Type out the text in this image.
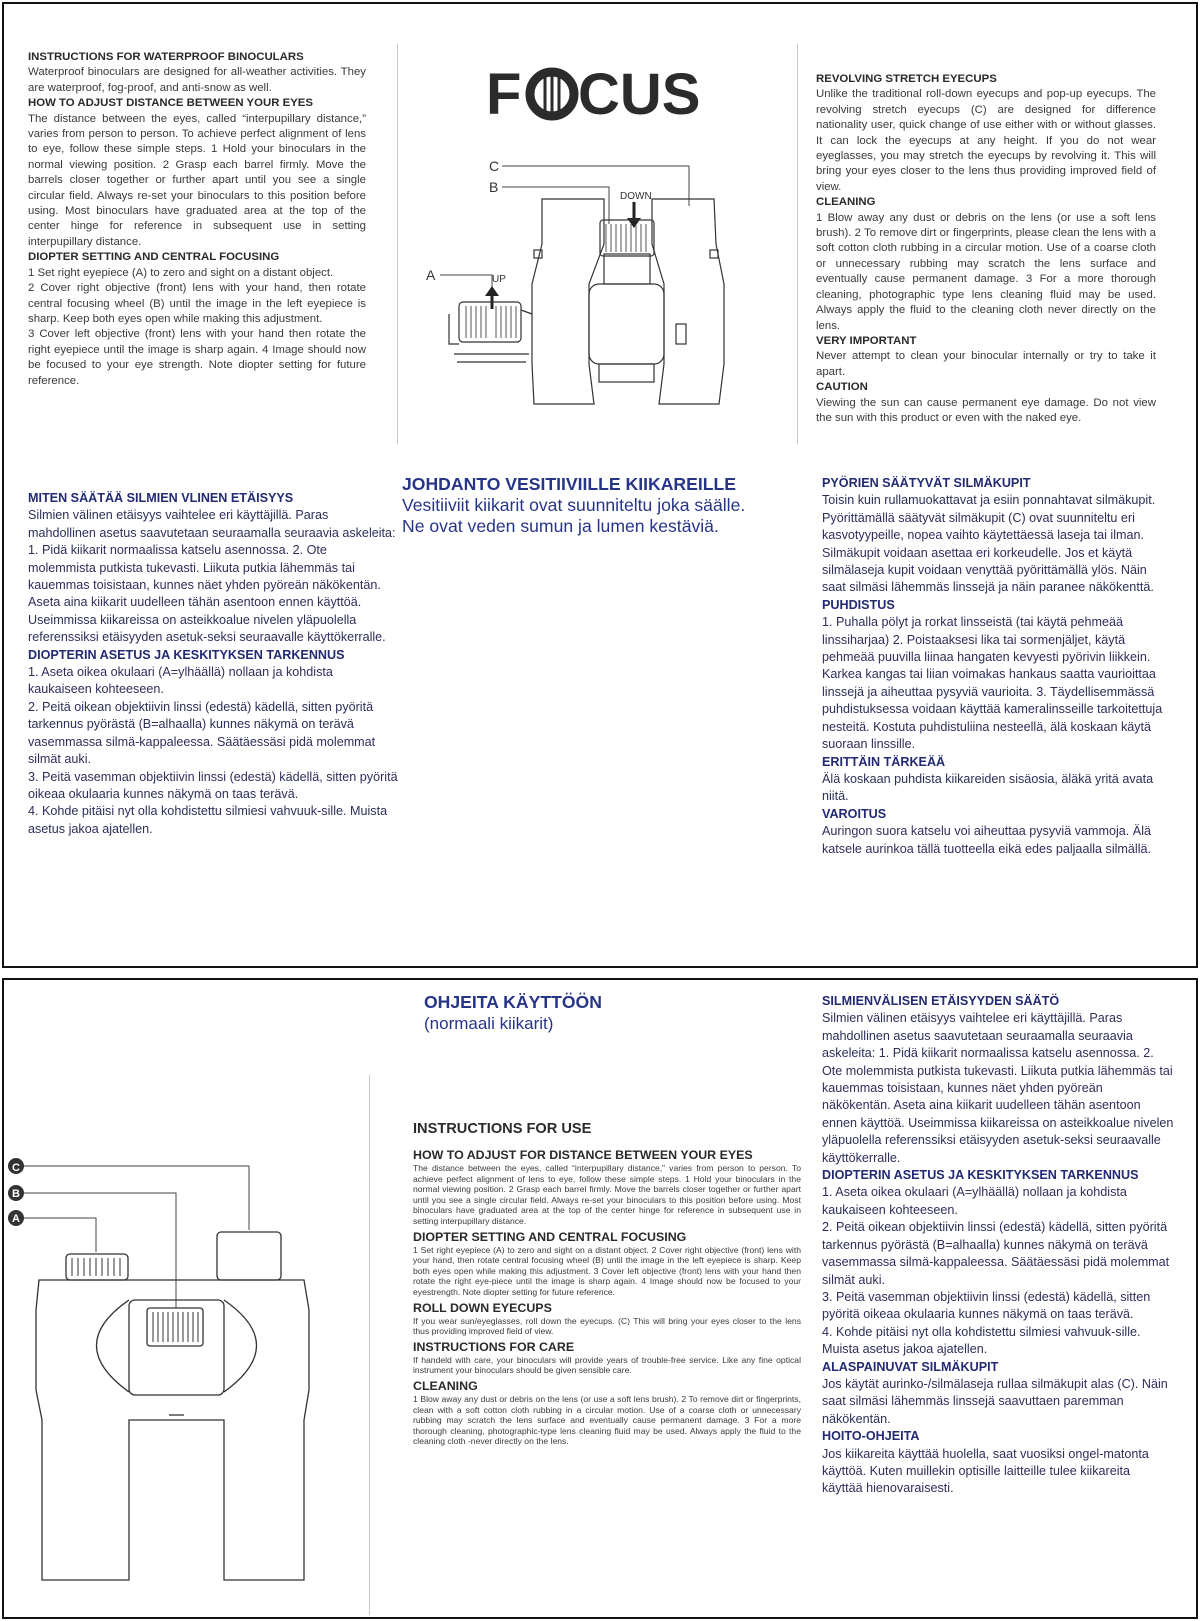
INSTRUCTIONS FOR WATERPROOF BINOCULARS

Waterproof binoculars are designed for all-weather activities. They are waterproof, fog-proof, and anti-snow as well.

HOW TO ADJUST DISTANCE BETWEEN YOUR EYES

The distance between the eyes, called “interpupillary distance,” varies from person to person. To achieve perfect alignment of lens to eye, follow these simple steps. 1 Hold your binoculars in the normal viewing position. 2 Grasp each barrel firmly. Move the barrels closer together or further apart until you see a single circular field. Always re-set your binoculars to this position before using. Most binoculars have graduated area at the top of the center hinge for reference in subsequent use in setting interpupillary distance.

DIOPTER SETTING AND CENTRAL FOCUSING

1 Set right eyepiece (A) to zero and sight on a distant object.

2 Cover right objective (front) lens with your hand, then rotate central focusing wheel (B) until the image in the left eyepiece is sharp. Keep both eyes open while making this adjustment.

3 Cover left objective (front) lens with your hand then rotate the right eyepiece until the image is sharp again. 4 Image should now be focused to your eye strength. Note diopter setting for future reference.

F CUS
C
B
A
DOWN
UP
REVOLVING STRETCH EYECUPS

Unlike the traditional roll-down eyecups and pop-up eyecups. The revolving stretch eyecups (C) are designed for difference nationality user, quick change of use either with or without glasses. It can lock the eyecups at any height. If you do not wear eyeglasses, you may stretch the eyecups by revolving it. This will bring your eyes closer to the lens thus providing improved field of view.

CLEANING

1 Blow away any dust or debris on the lens (or use a soft lens brush). 2 To remove dirt or fingerprints, please clean the lens with a soft cotton cloth rubbing in a circular motion. Use of a coarse cloth or unnecessary rubbing may scratch the lens surface and eventually cause permanent damage. 3 For a more thorough cleaning, photographic type lens cleaning fluid may be used. Always apply the fluid to the cleaning cloth never directly on the lens.

VERY IMPORTANT

Never attempt to clean your binocular internally or try to take it apart.

CAUTION

Viewing the sun can cause permanent eye damage. Do not view the sun with this product or even with the naked eye.

MITEN SÄÄTÄÄ SILMIEN VLINEN ETÄISYYS

Silmien välinen etäisyys vaihtelee eri käyttäjillä. Paras mahdollinen asetus saavutetaan seuraamalla seuraavia askeleita: 1. Pidä kiikarit normaalissa katselu asennossa. 2. Ote molemmista putkista tukevasti. Liikuta putkia lähemmäs tai kauemmas toisistaan, kunnes näet yhden pyöreän näkökentän. Aseta aina kiikarit uudelleen tähän asentoon ennen käyttöä. Useimmissa kiikareissa on asteikkoalue nivelen yläpuolella referenssiksi etäisyyden asetuk-seksi seuraavalle käyttökerralle.

DIOPTERIN ASETUS JA KESKITYKSEN TARKENNUS

1. Aseta oikea okulaari (A=ylhäällä) nollaan ja kohdista kaukaiseen kohteeseen.

2. Peitä oikean objektiivin linssi (edestä) kädellä, sitten pyöritä tarkennus pyörästä (B=alhaalla) kunnes näkymä on terävä vasemmassa silmä-kappaleessa. Säätäessäsi pidä molemmat silmät auki.

3. Peitä vasemman objektiivin linssi (edestä) kädellä, sitten pyöritä oikeaa okulaaria kunnes näkymä on taas terävä.

4. Kohde pitäisi nyt olla kohdistettu silmiesi vahvuuk-sille. Muista asetus jakoa ajatellen.

JOHDANTO VESITIIVIILLE KIIKAREILLE
Vesitiiviit kiikarit ovat suunniteltu joka säälle.
Ne ovat veden sumun ja lumen kestäviä.
PYÖRIEN SÄÄTYVÄT SILMÄKUPIT

Toisin kuin rullamuokattavat ja esiin ponnahtavat silmäkupit. Pyörittämällä säätyvät silmäkupit (C) ovat suunniteltu eri kasvotyypeille, nopea vaihto käytettäessä laseja tai ilman. Silmäkupit voidaan asettaa eri korkeudelle. Jos et käytä silmälaseja kupit voidaan venyttää pyörittämällä ylös. Näin saat silmäsi lähemmäs linssejä ja näin paranee näkökenttä.

PUHDISTUS

1. Puhalla pölyt ja rorkat linsseistä (tai käytä pehmeää linssiharjaa) 2. Poistaaksesi lika tai sormenjäljet, käytä pehmeää puuvilla liinaa hangaten kevyesti pyörivin liikkein. Karkea kangas tai liian voimakas hankaus saatta vaurioittaa linssejä ja aiheuttaa pysyviä vaurioita. 3. Täydellisemmässä puhdistuksessa voidaan käyttää kameralinsseille tarkoitettuja nesteitä. Kostuta puhdistuliina nesteellä, älä koskaan käytä suoraan linssille.

ERITTÄIN TÄRKEÄÄ

Älä koskaan puhdista kiikareiden sisäosia, äläkä yritä avata niitä.

VAROITUS

Auringon suora katselu voi aiheuttaa pysyviä vammoja. Älä katsele aurinkoa tällä tuotteella eikä edes paljaalla silmällä.

OHJEITA KÄYTTÖÖN
(normaali kiikarit)
C
B
A
INSTRUCTIONS FOR USE
HOW TO ADJUST FOR DISTANCE BETWEEN YOUR EYES

The distance between the eyes, called “interpupillary distance,” varies from person to person. To achieve perfect alignment of lens to eye, follow these simple steps. 1 Hold your binoculars in the normal viewing position. 2 Grasp each barrel firmly. Move the barrels closer together or further apart until you see a single circular field. Always re-set your binoculars to this position before using. Most binoculars have graduated area at the top of the center hinge for reference in subsequent use in setting interpupillary distance.

DIOPTER SETTING AND CENTRAL FOCUSING

1 Set right eyepiece (A) to zero and sight on a distant object. 2 Cover right objective (front) lens with your hand, then rotate central focusing wheel (B) until the image in the left eyepiece is sharp. Keep both eyes open while making this adjustment. 3 Cover left objective (front) lens with your hand then rotate the right eye-piece until the image is sharp again. 4 Image should now be focused to your eyestrength. Note diopter setting for future reference.

ROLL DOWN EYECUPS

If you wear sun/eyeglasses, roll down the eyecups. (C) This will bring your eyes closer to the lens thus providing improved field of view.

INSTRUCTIONS FOR CARE

If handeld with care, your binoculars will provide years of trouble-free service. Like any fine optical instrument your binoculars should be given sensible care.

CLEANING

1 Blow away any dust or debris on the lens (or use a soft lens brush). 2 To remove dirt or fingerprints, clean with a soft cotton cloth rubbing in a circular motion. Use of a coarse cloth or unnecessary rubbing may scratch the lens surface and eventually cause permanent damage. 3 For a more thorough cleaning, photographic-type lens cleaning fluid may be used. Always apply the fluid to the cleaning cloth -never directly on the lens.

SILMIENVÄLISEN ETÄISYYDEN SÄÄTÖ

Silmien välinen etäisyys vaihtelee eri käyttäjillä. Paras mahdollinen asetus saavutetaan seuraamalla seuraavia askeleita: 1. Pidä kiikarit normaalissa katselu asennossa. 2. Ote molemmista putkista tukevasti. Liikuta putkia lähemmäs tai kauemmas toisistaan, kunnes näet yhden pyöreän näkökentän. Aseta aina kiikarit uudelleen tähän asentoon ennen käyttöä. Useimmissa kiikareissa on asteikkoalue nivelen yläpuolella referenssiksi etäisyyden asetuk-seksi seuraavalle käyttökerralle.

DIOPTERIN ASETUS JA KESKITYKSEN TARKENNUS

1. Aseta oikea okulaari (A=ylhäällä) nollaan ja kohdista kaukaiseen kohteeseen.

2. Peitä oikean objektiivin linssi (edestä) kädellä, sitten pyöritä tarkennus pyörästä (B=alhaalla) kunnes näkymä on terävä vasemmassa silmä-kappaleessa. Säätäessäsi pidä molemmat silmät auki.

3. Peitä vasemman objektiivin linssi (edestä) kädellä, sitten pyöritä oikeaa okulaaria kunnes näkymä on taas terävä.

4. Kohde pitäisi nyt olla kohdistettu silmiesi vahvuuk-sille. Muista asetus jakoa ajatellen.

ALASPAINUVAT SILMÄKUPIT

Jos käytät aurinko-/silmälaseja rullaa silmäkupit alas (C). Näin saat silmäsi lähemmäs linssejä saavuttaen paremman näkökentän.

HOITO-OHJEITA

Jos kiikareita käyttää huolella, saat vuosiksi ongel-matonta käyttöä. Kuten muillekin optisille laitteille tulee kiikareita käyttää hienovaraisesti.
